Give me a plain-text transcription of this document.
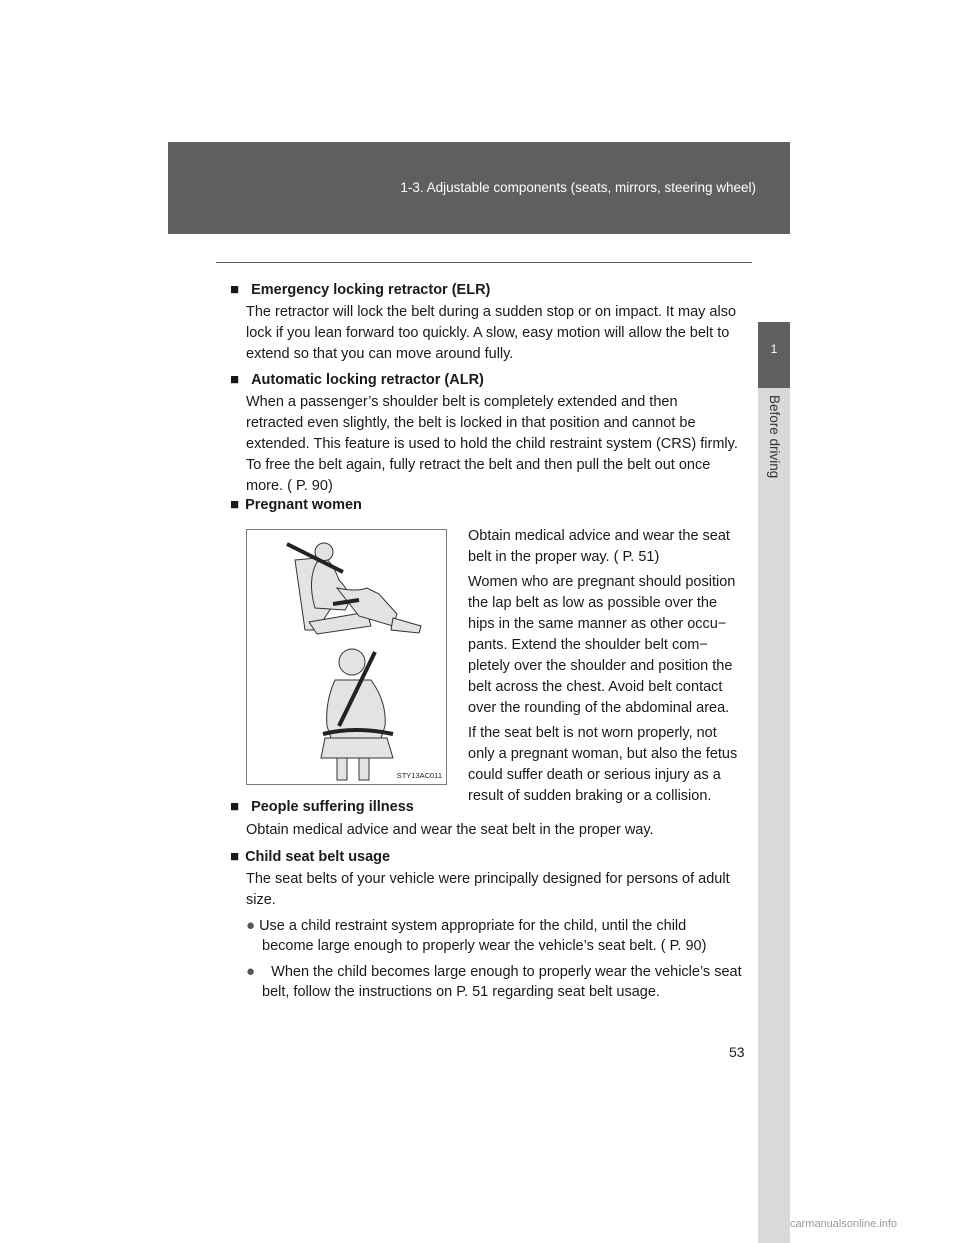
1-3. Adjustable components (seats, mirrors, steering wheel)
1
Before driving
■ Emergency locking retractor (ELR)
The retractor will lock the belt during a sudden stop or on impact. It may also
lock if you lean forward too quickly. A slow, easy motion will allow the belt to
extend so that you can move around fully.
■ Automatic locking retractor (ALR)
When a passenger’s shoulder belt is completely extended and then
retracted even slightly, the belt is locked in that position and cannot be
extended. This feature is used to hold the child restraint system (CRS) firmly.
To free the belt again, fully retract the belt and then pull the belt out once
more. ( P. 90)
■ Pregnant women
STY13AC011
Obtain medical advice and wear the seat
belt in the proper way. ( P. 51)
Women who are pregnant should position
the lap belt as low as possible over the
hips in the same manner as other occu−
pants. Extend the shoulder belt com−
pletely over the shoulder and position the
belt across the chest. Avoid belt contact
over the rounding of the abdominal area.
If the seat belt is not worn properly, not
only a pregnant woman, but also the fetus
could suffer death or serious injury as a
result of sudden braking or a collision.
■ People suffering illness
Obtain medical advice and wear the seat belt in the proper way.
■ Child seat belt usage
The seat belts of your vehicle were principally designed for persons of adult
size.
● Use a child restraint system appropriate for the child, until the child
become large enough to properly wear the vehicle’s seat belt. ( P. 90)
●   When the child becomes large enough to properly wear the vehicle’s seat
belt, follow the instructions on P. 51 regarding seat belt usage.
53
carmanualsonline.info
